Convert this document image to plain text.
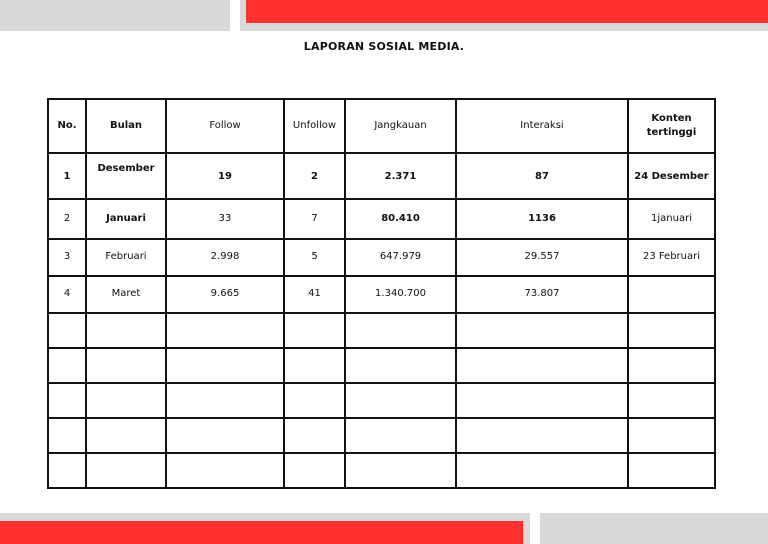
LAPORAN SOSIAL MEDIA.
No.	Bulan	Follow	Unfollow	Jangkauan	Interaksi	Konten tertinggi
1	Desember	19	2	2.371	87	24 Desember
2	Januari	33	7	80.410	1136	1januari
3	Februari	2.998	5	647.979	29.557	23 Februari
4	Maret	9.665	41	1.340.700	73.807	
